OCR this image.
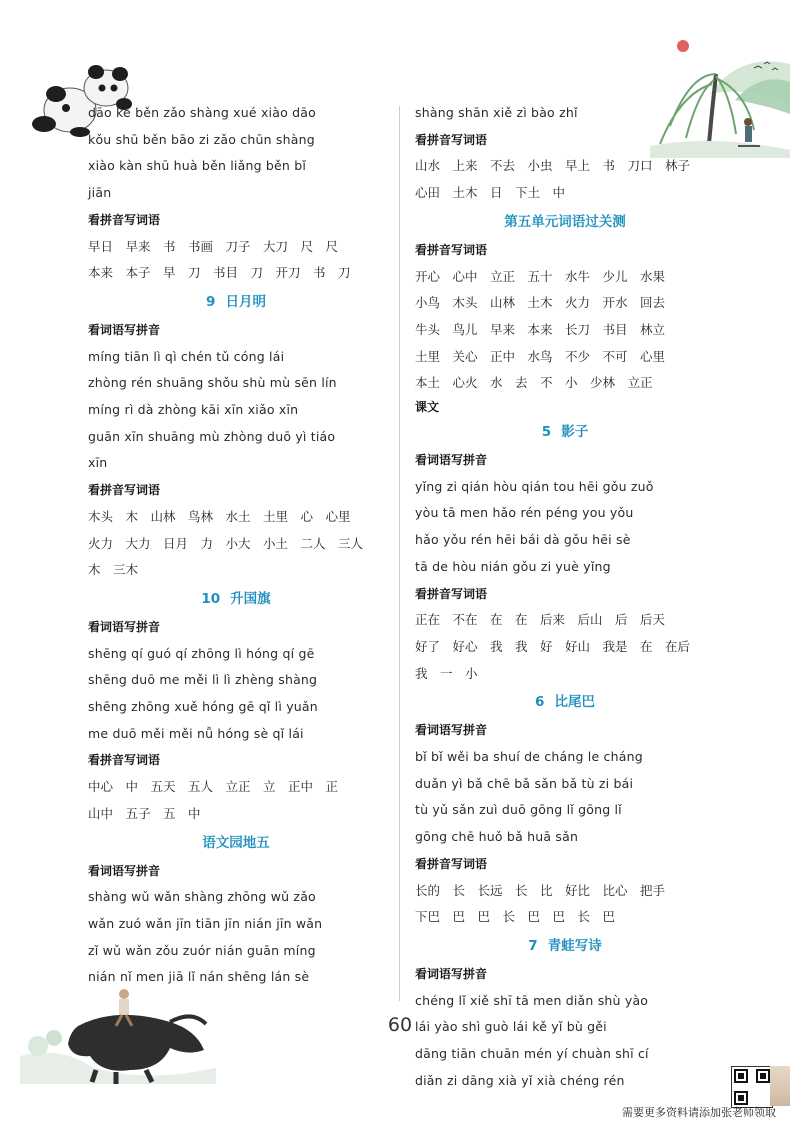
dāo kè běn zǎo shàng xué xiào dāo
kǒu shū běn bāo zi zǎo chūn shàng
xiào kàn shū huà běn liǎng běn bǐ
jiān
看拼音写词语
早日　早来　书　书画　刀子　大刀　尺　尺
本来　本子　早　刀　书目　刀　开刀　书　刀
9 日月明
看词语写拼音
míng tiān lì qì chén tǔ cóng lái
zhòng rén shuāng shǒu shù mù sēn lín
míng rì dà zhòng kāi xīn xiǎo xīn
guān xīn shuāng mù zhòng duō yì tiáo
xīn
看拼音写词语
木头　木　山林　鸟林　水土　土里　心　心里
火力　大力　日月　力　小大　小土　二人　三人
木　三木
10 升国旗
看词语写拼音
shēng qí guó qí zhōng lì hóng qí gē
shēng duō me měi lì lì zhèng shàng
shēng zhōng xuě hóng gē qǐ lì yuǎn
me duō měi měi nǚ hóng sè qǐ lái
看拼音写词语
中心　中　五天　五人　立正　立　正中　正
山中　五子　五　中
语文园地五
看词语写拼音
shàng wǔ wǎn shàng zhōng wǔ zǎo
wǎn zuó wǎn jīn tiān jīn nián jīn wǎn
zǐ wǔ wǎn zǒu zuór nián guān míng
nián nǐ men jiā lǐ nán shēng lán sè
shàng shān xiě zì bào zhǐ
看拼音写词语
山水　上来　不去　小虫　早上　书　刀口　林子
心田　土木　日　下土　中
第五单元词语过关测
看拼音写词语
开心　心中　立正　五十　水牛　少儿　水果
小鸟　木头　山林　土木　火力　开水　回去
牛头　鸟儿　早来　本来　长刀　书目　林立
土里　关心　正中　水鸟　不少　不可　心里
本土　心火　水　去　不　小　少林　立正
课文
5 影子
看词语写拼音
yǐng zi qián hòu qián tou hēi gǒu zuǒ
yòu tā men hǎo rén péng you yǒu
hǎo yǒu rén hēi bái dà gǒu hēi sè
tā de hòu nián gǒu zi yuè yǐng
看拼音写词语
正在　不在　在　在　后来　后山　后　后天
好了　好心　我　我　好　好山　我是　在　在后
我　一　小
6 比尾巴
看词语写拼音
bǐ bǐ wěi ba shuí de cháng le cháng
duǎn yì bǎ chē bǎ sǎn bǎ tù zi bái
tù yǔ sǎn zuì duō gōng lǐ gōng lǐ
gōng chē huǒ bǎ huā sǎn
看拼音写词语
长的　长　长远　长　比　好比　比心　把手
下巴　巴　巴　长　巴　巴　长　巴
7 青蛙写诗
看词语写拼音
chéng lǐ xiě shī tā men diǎn shù yào
lái yào shì guò lái kě yǐ bù gěi
dāng tiān chuān mén yí chuàn shī cí
diǎn zi dāng xià yǐ xià chéng rén
60
需要更多资料请添加张老师领取
